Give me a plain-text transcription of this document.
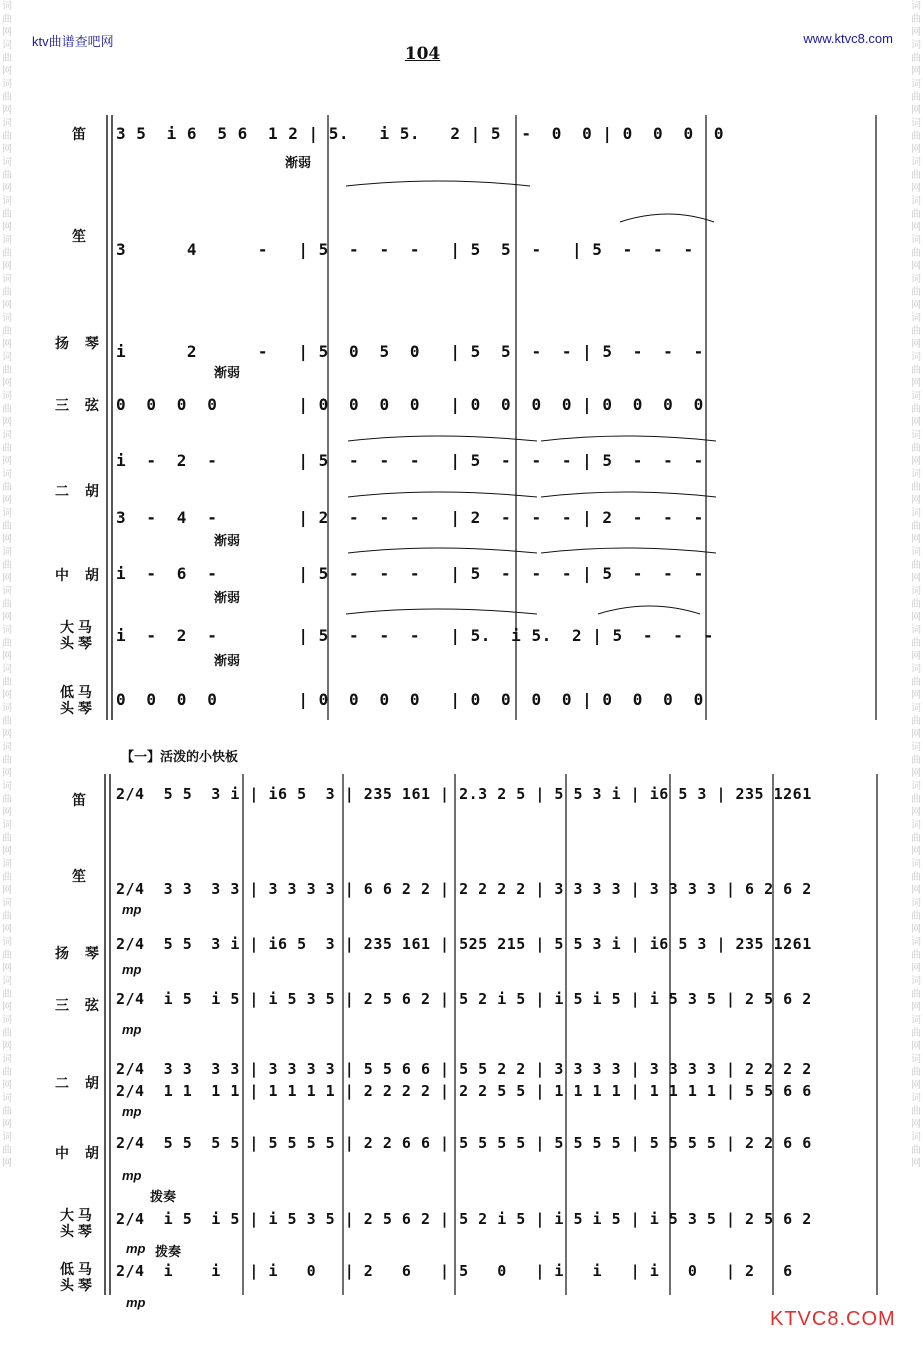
词曲网词曲网词曲网词曲网词曲网词曲网词曲网词曲网词曲网词曲网词曲网词曲网词曲网词曲网词曲网词曲网词曲网词曲网词曲网词曲网词曲网词曲网词曲网词曲网词曲网词曲网词曲网词曲网词曲网词曲网
词曲网词曲网词曲网词曲网词曲网词曲网词曲网词曲网词曲网词曲网词曲网词曲网词曲网词曲网词曲网词曲网词曲网词曲网词曲网词曲网词曲网词曲网词曲网词曲网词曲网词曲网词曲网词曲网词曲网词曲网
ktv曲谱查吧网	www.ktvc8.com
104
笛
笙
扬 琴
三 弦
二 胡
中 胡
大 马
头 琴
低 马
头 琴
3 5  i 6  5 6  1 2 | 5.   i 5.   2 | 5  -  0  0 | 0  0  0  0
3      4      -   | 5  -  -  -   | 5  5  -   | 5  -  -  -
i      2      -   | 5  0  5  0   | 5  5  -  - | 5  -  -  -
0  0  0  0        | 0  0  0  0   | 0  0  0  0 | 0  0  0  0
i  -  2  -        | 5  -  -  -   | 5  -  -  - | 5  -  -  -
3  -  4  -        | 2  -  -  -   | 2  -  -  - | 2  -  -  -
i  -  6  -        | 5  -  -  -   | 5  -  -  - | 5  -  -  -
i  -  2  -        | 5  -  -  -   | 5.  i 5.  2 | 5  -  -  -
0  0  0  0        | 0  0  0  0   | 0  0  0  0 | 0  0  0  0
渐弱
渐弱
渐弱
渐弱
渐弱
【一】活泼的小快板
笛
笙
扬 琴
三 弦
二 胡
中 胡
大 马
头 琴
低 马
头 琴
2/4  5 5  3 i | i6 5  3 | 235 161 | 2.3 2 5 | 5 5 3 i | i6 5 3 | 235 1261
2/4  3 3  3 3 | 3 3 3 3 | 6 6 2 2 | 2 2 2 2 | 3 3 3 3 | 3 3 3 3 | 6 2 6 2
2/4  5 5  3 i | i6 5  3 | 235 161 | 525 215 | 5 5 3 i | i6 5 3 | 235 1261
2/4  i 5  i 5 | i 5 3 5 | 2 5 6 2 | 5 2 i 5 | i 5 i 5 | i 5 3 5 | 2 5 6 2
2/4  3 3  3 3 | 3 3 3 3 | 5 5 6 6 | 5 5 2 2 | 3 3 3 3 | 3 3 3 3 | 2 2 2 2
2/4  1 1  1 1 | 1 1 1 1 | 2 2 2 2 | 2 2 5 5 | 1 1 1 1 | 1 1 1 1 | 5 5 6 6
2/4  5 5  5 5 | 5 5 5 5 | 2 2 6 6 | 5 5 5 5 | 5 5 5 5 | 5 5 5 5 | 2 2 6 6
2/4  i 5  i 5 | i 5 3 5 | 2 5 6 2 | 5 2 i 5 | i 5 i 5 | i 5 3 5 | 2 5 6 2
2/4  i    i   | i   0   | 2   6   | 5   0   | i   i   | i   0   | 2   6
mp
mp
mp
mp
mp
拨奏
mp 拨奏
mp
KTVC8.COM
